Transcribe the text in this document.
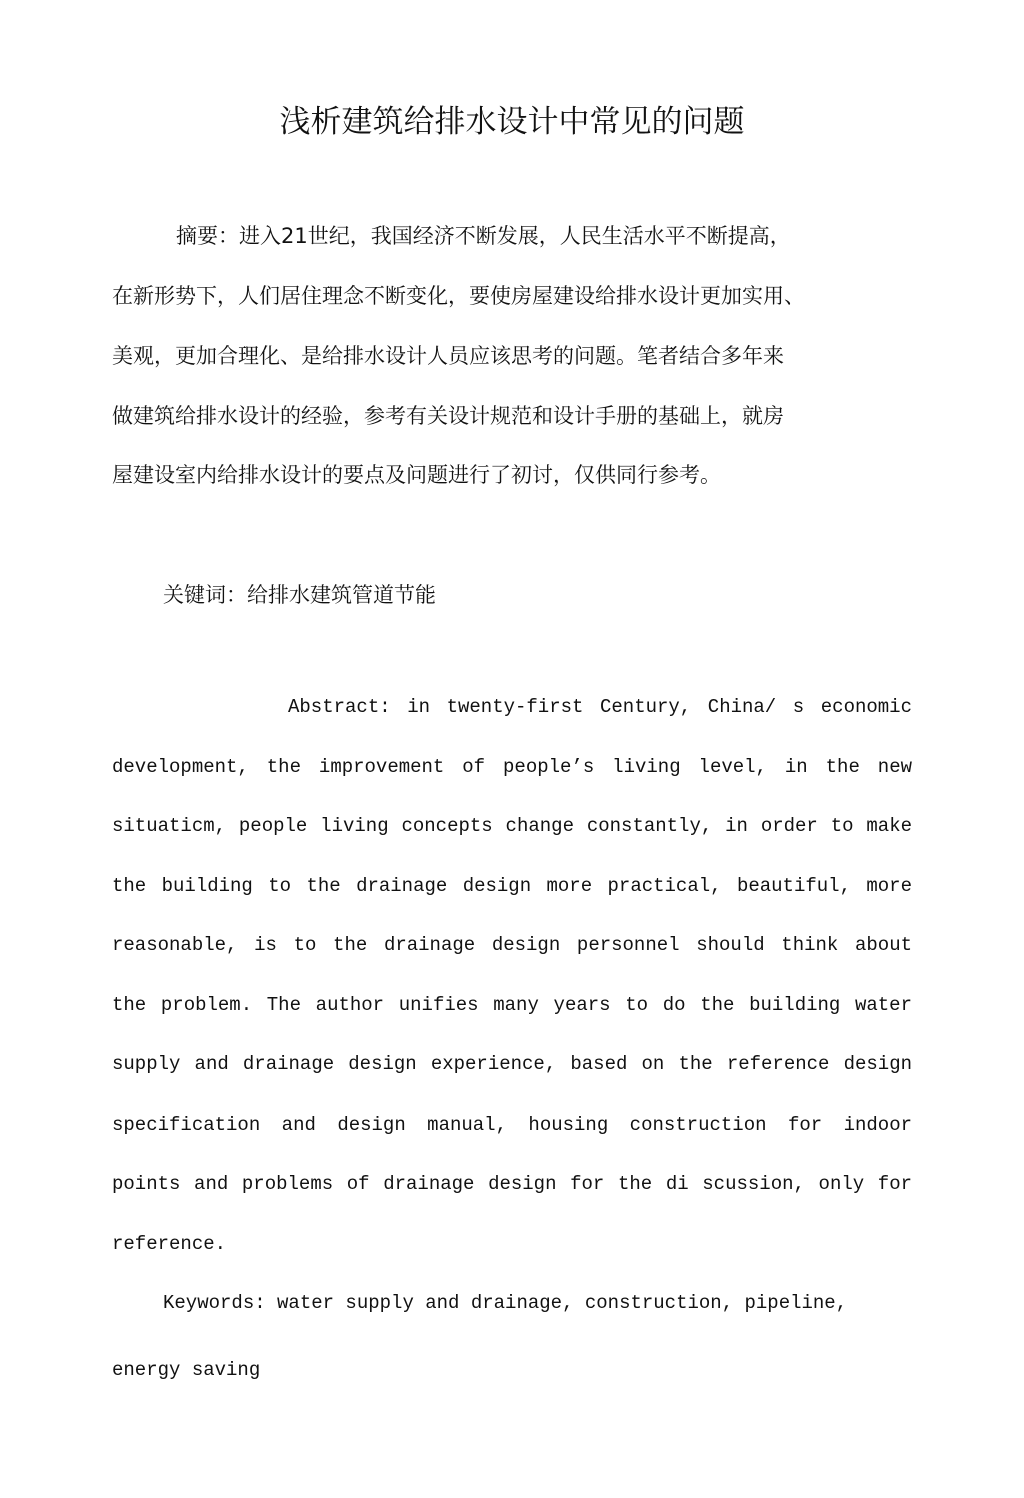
浅析建筑给排水设计中常见的问题

摘要：进入21世纪，我国经济不断发展，人民生活水平不断提高，

在新形势下，人们居住理念不断变化，要使房屋建设给排水设计更加实用、

美观，更加合理化、是给排水设计人员应该思考的问题。笔者结合多年来

做建筑给排水设计的经验，参考有关设计规范和设计手册的基础上，就房

屋建设室内给排水设计的要点及问题进行了初讨，仅供同行参考。

关键词：给排水建筑管道节能

Abstract: in twenty-first Century, China/ s economic

development, the improvement of people’s living level, in the new

situaticm, people living concepts change constantly, in order to make

the building to the drainage design more practical, beautiful, more

reasonable, is to the drainage design personnel should think about

the problem. The author unifies many years to do the building water

supply and drainage design experience, based on the reference design

specification and design manual, housing construction for indoor

points and problems of drainage design for the di scussion, only for

reference.

Keywords: water supply and drainage, construction, pipeline,

energy saving
